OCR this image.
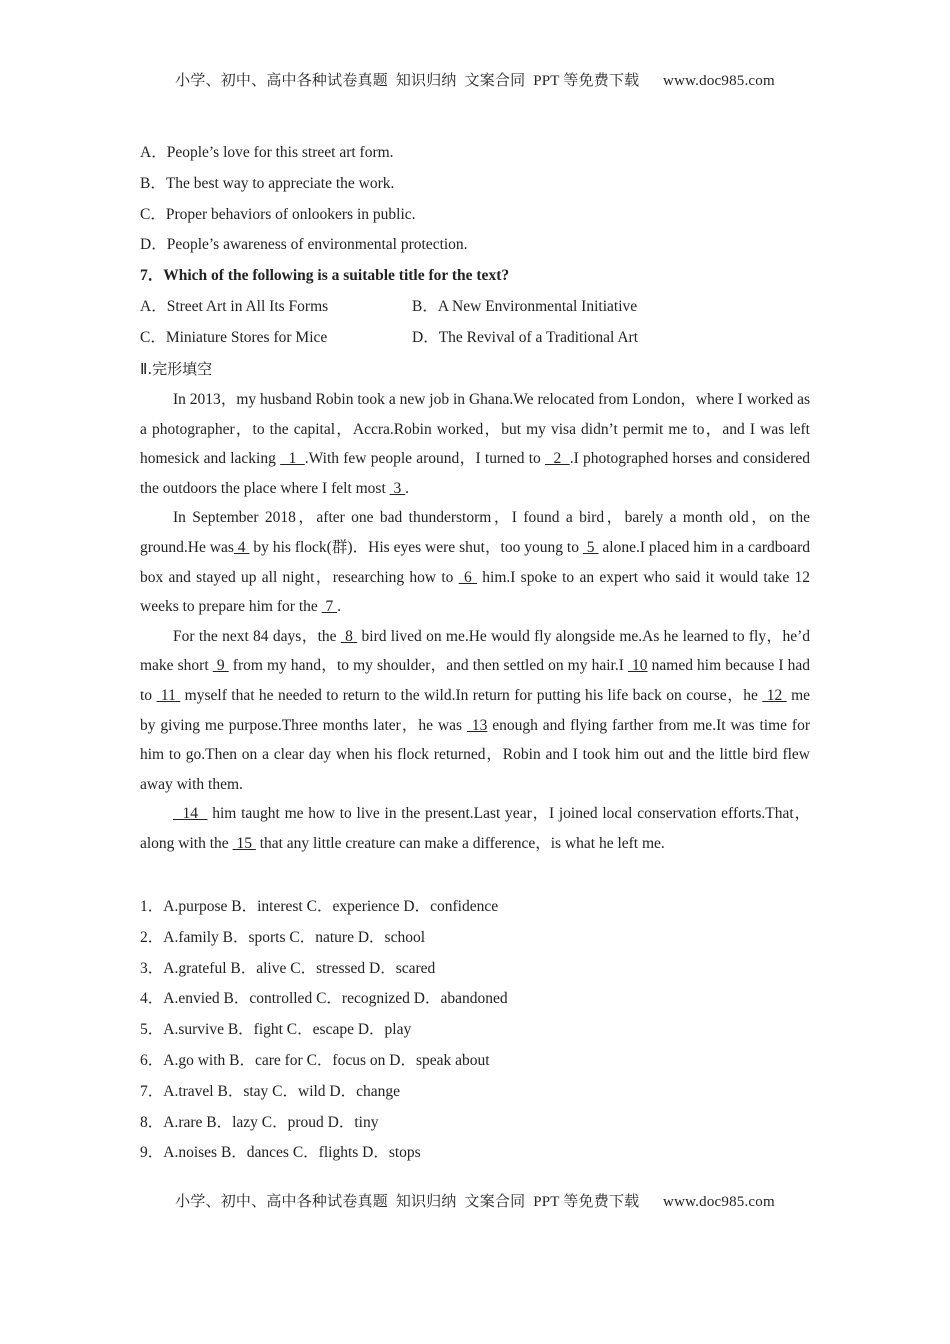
小学、初中、高中各种试卷真题  知识归纳  文案合同  PPT 等免费下载      www.doc985.com
A．People’s love for this street art form.
B．The best way to appreciate the work.
C．Proper behaviors of onlookers in public.
D．People’s awareness of environmental protection.
7．Which of the following is a suitable title for the text?
A．Street Art in All Its Forms	B．A New Environmental Initiative
C．Miniature Stores for Mice	D．The Revival of a Traditional Art
Ⅱ.完形填空

In 2013，my husband Robin took a new job in Ghana.We relocated from London，where I worked as a photographer，to the capital，Accra.Robin worked，but my visa didn’t permit me to，and I was left homesick and lacking   1  .With few people around，I turned to   2  .I photographed horses and considered the outdoors the place where I felt most  3 .

In September 2018，after one bad thunderstorm，I found a bird，barely a month old，on the ground.He was 4  by his flock(群)．His eyes were shut，too young to  5  alone.I placed him in a cardboard box and stayed up all night，researching how to  6  him.I spoke to an expert who said it would take 12 weeks to prepare him for the  7 .

For the next 84 days，the  8  bird lived on me.He would fly alongside me.As he learned to fly，he’d make short  9  from my hand，to my shoulder，and then settled on my hair.I  10 named him because I had to  11  myself that he needed to return to the wild.In return for putting his life back on course，he  12  me by giving me purpose.Three months later，he was  13 enough and flying farther from me.It was time for him to go.Then on a clear day when his flock returned，Robin and I took him out and the little bird flew away with them.

14   him taught me how to live in the present.Last year，I joined local conservation efforts.That，along with the  15  that any little creature can make a difference，is what he left me.

1．A.purpose B．interest C．experience D．confidence
2．A.family B．sports C．nature D．school
3．A.grateful B．alive C．stressed D．scared
4．A.envied B．controlled C．recognized D．abandoned
5．A.survive B．fight C．escape D．play
6．A.go with B．care for C．focus on D．speak about
7．A.travel B．stay C．wild D．change
8．A.rare B．lazy C．proud D．tiny
9．A.noises B．dances C．flights D．stops
小学、初中、高中各种试卷真题  知识归纳  文案合同  PPT 等免费下载      www.doc985.com
